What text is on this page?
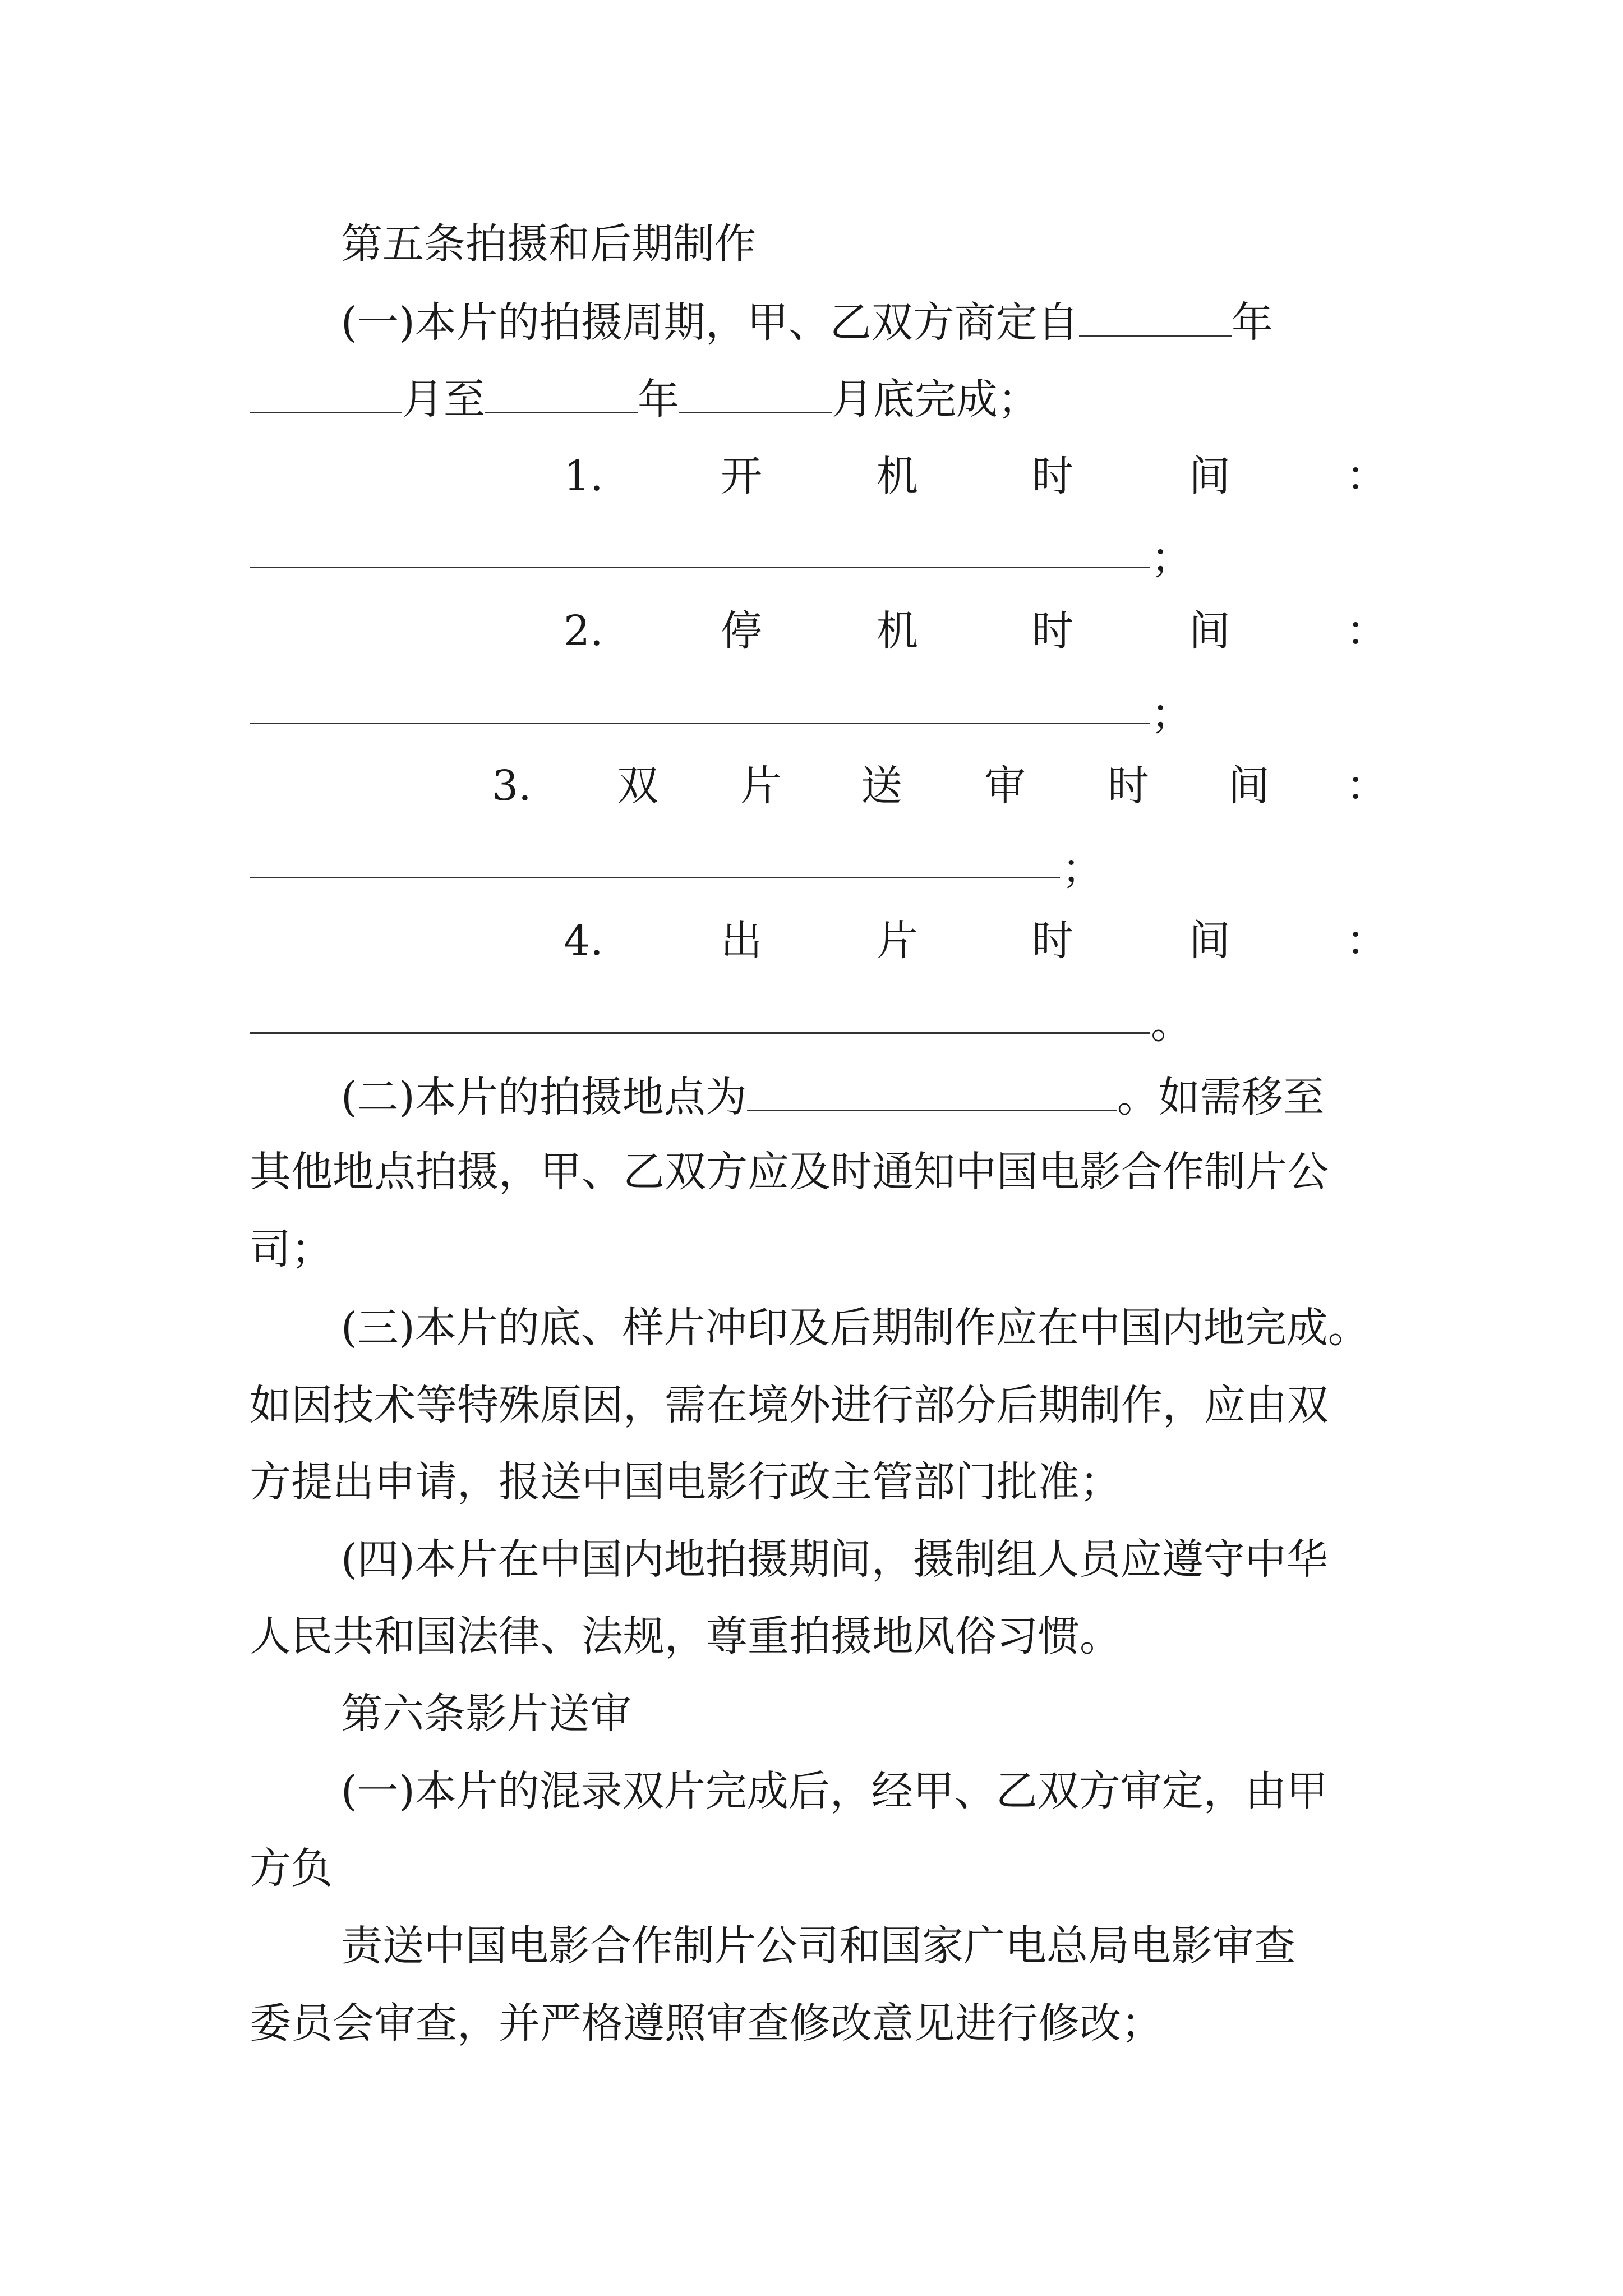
第五条拍摄和后期制作

(一)本片的拍摄周期，甲、乙双方商定自	年

月至	年	月底完成；

1.	开	机	时	间	：
；
2.	停	机	时	间	：
；
3. 双 片 送 审 时 间 ：
；
4.	出	片	时	间	：
。

(二)本片的拍摄地点为	。如需移至

其他地点拍摄，甲、乙双方应及时通知中国电影合作制片公

司；

(三)本片的底、样片冲印及后期制作应在中国内地完成。

如因技术等特殊原因，需在境外进行部分后期制作，应由双

方提出申请，报送中国电影行政主管部门批准；

(四)本片在中国内地拍摄期间，摄制组人员应遵守中华

人民共和国法律、法规，尊重拍摄地风俗习惯。

第六条影片送审

(一)本片的混录双片完成后，经甲、乙双方审定，由甲

方负

责送中国电影合作制片公司和国家广电总局电影审查

委员会审查，并严格遵照审查修改意见进行修改；
